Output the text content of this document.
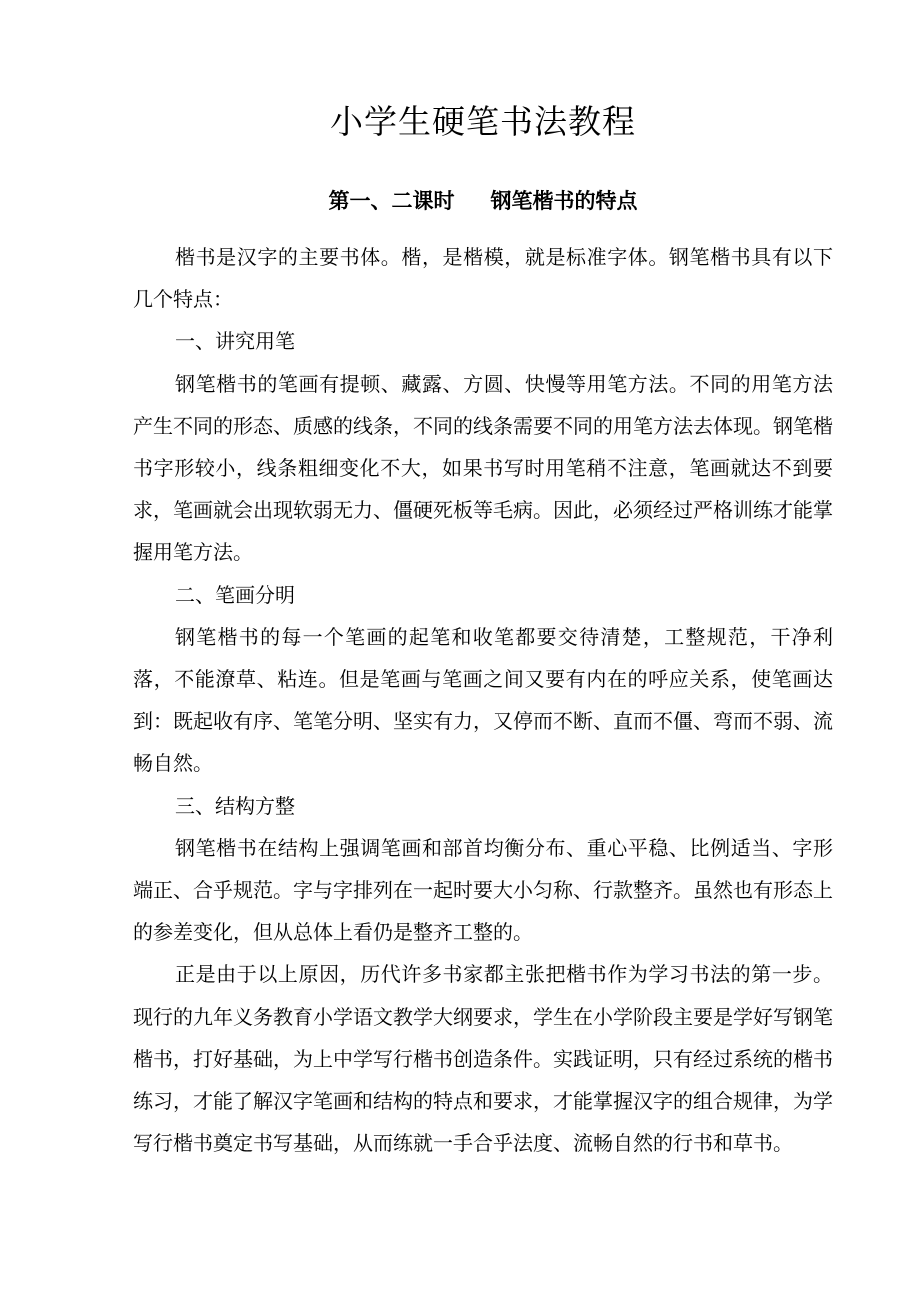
小学生硬笔书法教程
第一、二课时 钢笔楷书的特点

楷书是汉字的主要书体。楷，是楷模，就是标准字体。钢笔楷书具有以下几个特点：

一、讲究用笔

钢笔楷书的笔画有提顿、藏露、方圆、快慢等用笔方法。不同的用笔方法产生不同的形态、质感的线条，不同的线条需要不同的用笔方法去体现。钢笔楷书字形较小，线条粗细变化不大，如果书写时用笔稍不注意，笔画就达不到要求，笔画就会出现软弱无力、僵硬死板等毛病。因此，必须经过严格训练才能掌握用笔方法。

二、笔画分明

钢笔楷书的每一个笔画的起笔和收笔都要交待清楚，工整规范，干净利落，不能潦草、粘连。但是笔画与笔画之间又要有内在的呼应关系，使笔画达到：既起收有序、笔笔分明、坚实有力，又停而不断、直而不僵、弯而不弱、流畅自然。

三、结构方整

钢笔楷书在结构上强调笔画和部首均衡分布、重心平稳、比例适当、字形端正、合乎规范。字与字排列在一起时要大小匀称、行款整齐。虽然也有形态上的参差变化，但从总体上看仍是整齐工整的。

正是由于以上原因，历代许多书家都主张把楷书作为学习书法的第一步。现行的九年义务教育小学语文教学大纲要求，学生在小学阶段主要是学好写钢笔楷书，打好基础，为上中学写行楷书创造条件。实践证明，只有经过系统的楷书练习，才能了解汉字笔画和结构的特点和要求，才能掌握汉字的组合规律，为学写行楷书奠定书写基础，从而练就一手合乎法度、流畅自然的行书和草书。
